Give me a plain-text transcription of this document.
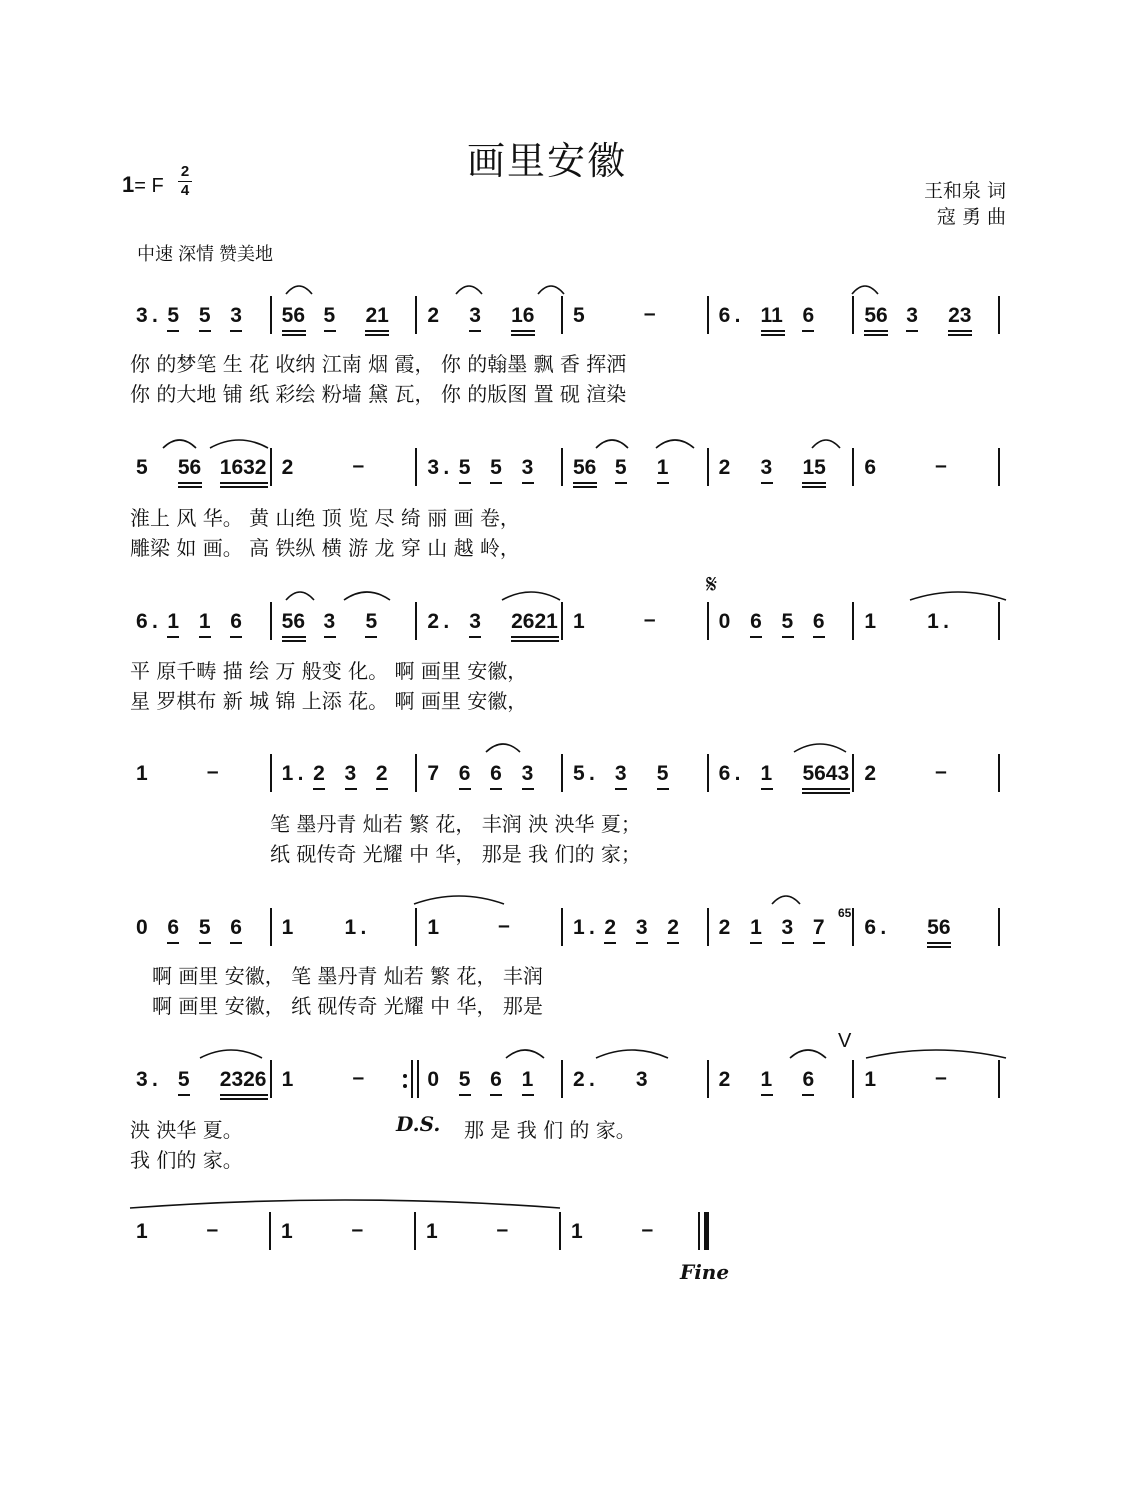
画里安徽
1= F
2
4	王和泉 词
寇 勇 曲
中速 深情 赞美地
3 . 5 5 3 56 5 21 2 3 16 5	–	6 . 11 6 56 3 23
5 56 1632 2	–	3 . 5 5 3 56 5 1 2 3 15 6	–
6 . 1 1 6 56 3 5 2 . 3 2621 1	–	0 6 5 6 1 1 .
1	–	1 . 2 3 2 7 6 6 3 5 . 3 5 6 . 1 5643 2	–
0 6 5 6 1 1 .	1	–	1 . 2 3 2 2 1 3 7 6 . 56
3 . 5 2326 1	–	0 5 6 1 2 . 3	2 1 6 1	–
1	–	1	–	1	–	1	–
你 的梦笔 生 花 收纳 江南 烟 霞， 你 的翰墨 飘 香 挥洒
你 的大地 铺 纸 彩绘 粉墙 黛 瓦， 你 的版图 置 砚 渲染
淮上 风 华。 黄 山绝 顶 览 尽 绮 丽 画 卷，
雕梁 如 画。 高 铁纵 横 游 龙 穿 山 越 岭，
平 原千畴 描 绘 万 般变 化。 啊 画里 安徽，
星 罗棋布 新 城 锦 上添 花。 啊 画里 安徽，
笔 墨丹青 灿若 繁 花， 丰润 泱 泱华 夏；
纸 砚传奇 光耀 中 华， 那是 我 们的 家；
啊 画里 安徽， 笔 墨丹青 灿若 繁 花， 丰润
啊 画里 安徽， 纸 砚传奇 光耀 中 华， 那是
泱 泱华 夏。
我 们的 家。
那 是 我 们 的 家。
𝄋
D.S.
Fine
65
V
